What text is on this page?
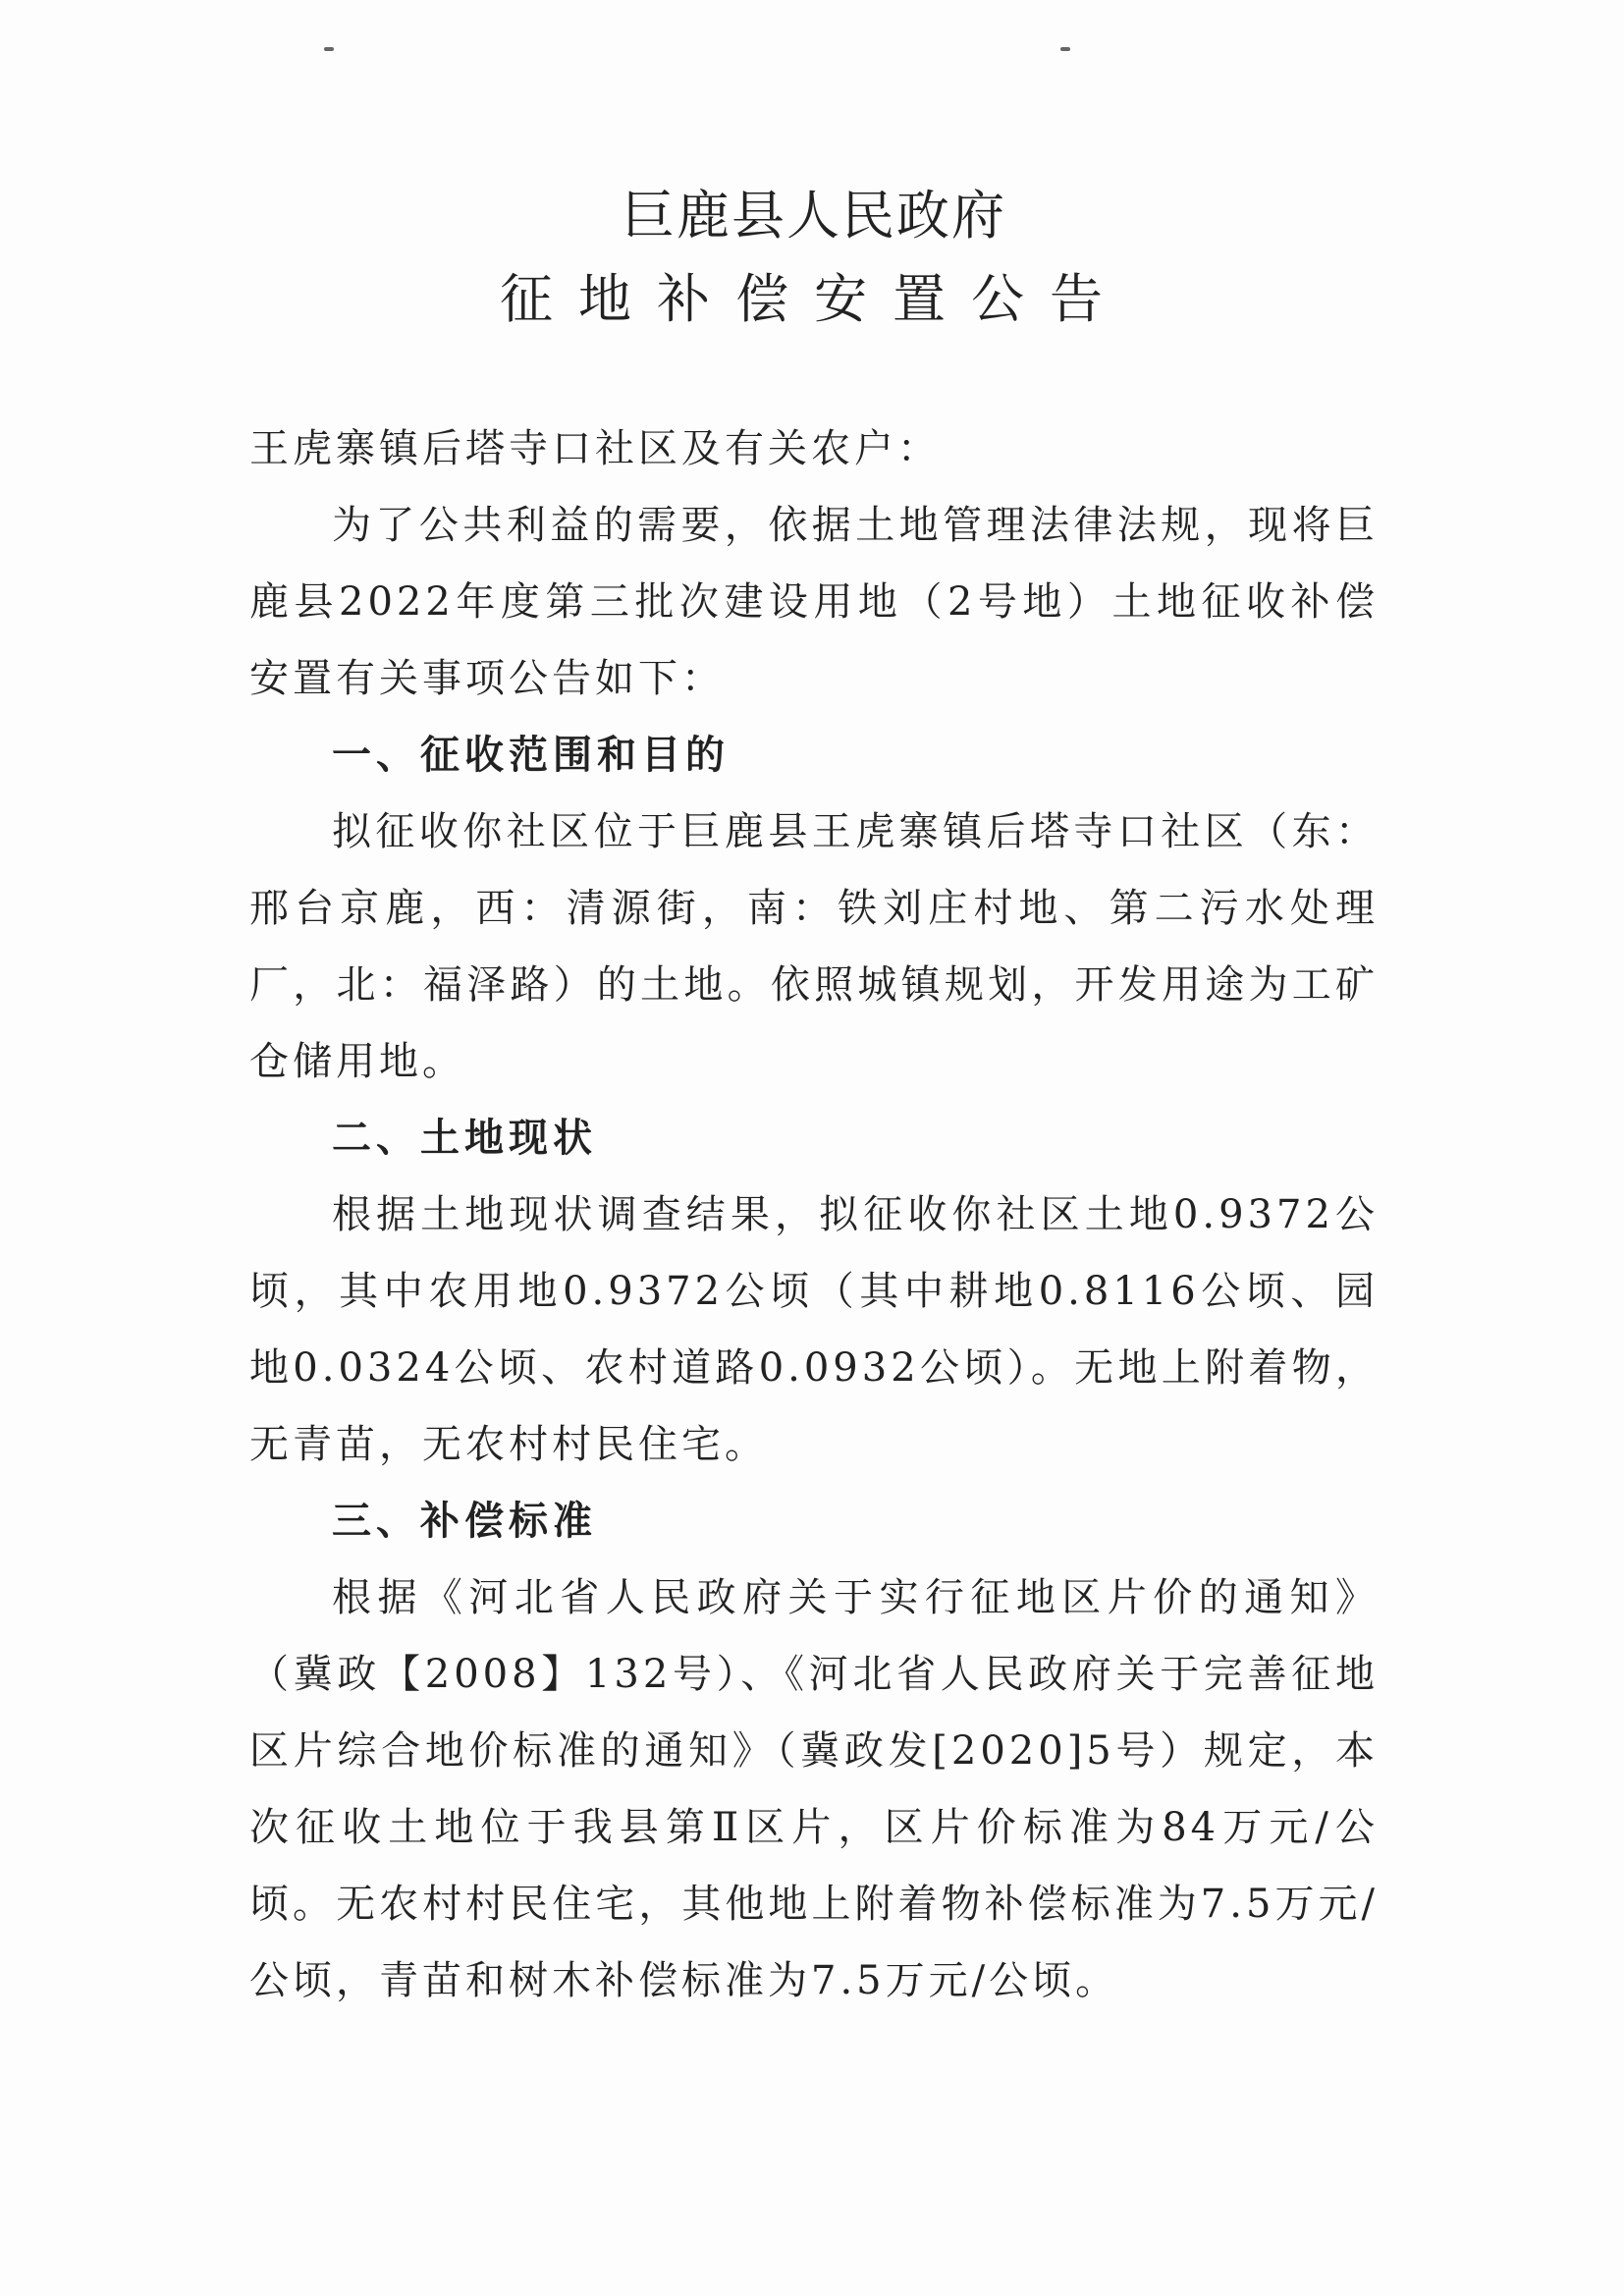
巨鹿县人民政府
征地补偿安置公告

王虎寨镇后塔寺口社区及有关农户：

为了公共利益的需要，依据土地管理法律法规，现将巨鹿县2022年度第三批次建设用地（2号地）土地征收补偿安置有关事项公告如下：

一、征收范围和目的

拟征收你社区位于巨鹿县王虎寨镇后塔寺口社区（东：邢台京鹿，西：清源街，南：铁刘庄村地、第二污水处理厂，北：福泽路）的土地。依照城镇规划，开发用途为工矿仓储用地。

二、土地现状

根据土地现状调查结果，拟征收你社区土地0.9372公顷，其中农用地0.9372公顷（其中耕地0.8116公顷、园地0.0324公顷、农村道路0.0932公顷）。无地上附着物，无青苗，无农村村民住宅。

三、补偿标准

根据《河北省人民政府关于实行征地区片价的通知》（冀政【2008】132号）、《河北省人民政府关于完善征地区片综合地价标准的通知》（冀政发[2020]5号）规定，本次征收土地位于我县第Ⅱ区片，区片价标准为84万元/公顷。无农村村民住宅，其他地上附着物补偿标准为7.5万元/公顷，青苗和树木补偿标准为7.5万元/公顷。
